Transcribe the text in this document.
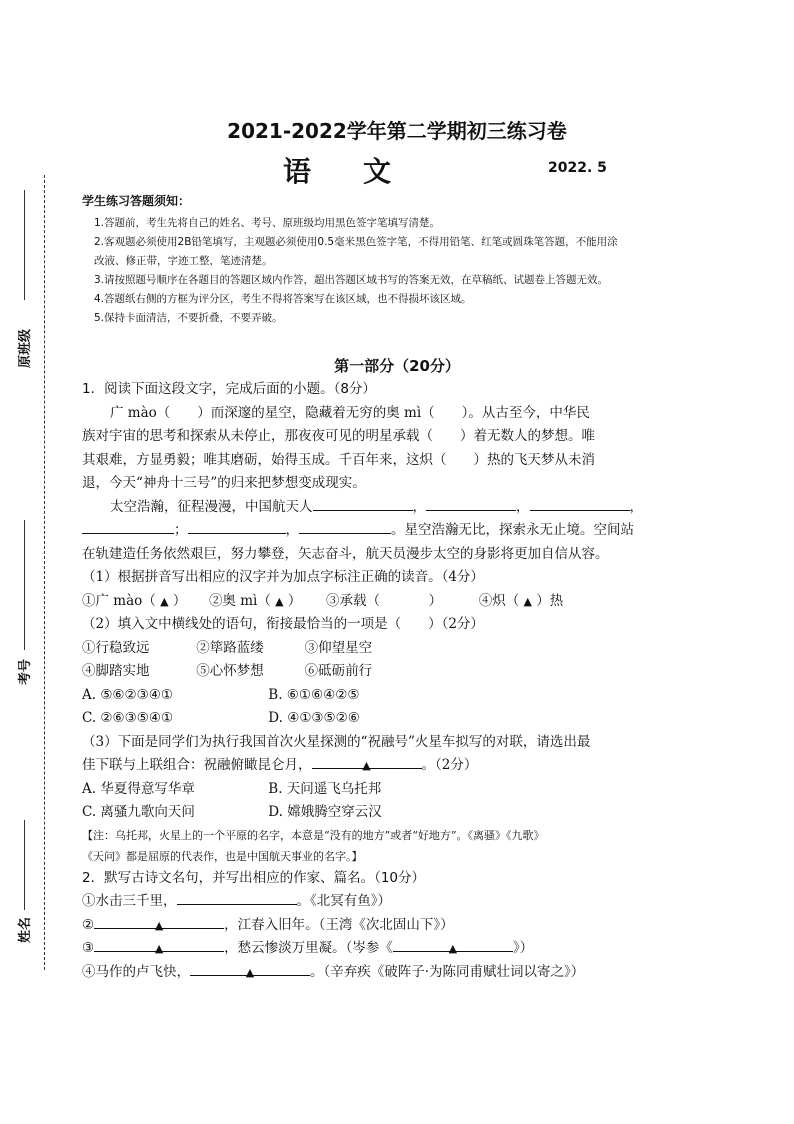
原班级
考号
姓名
2021-2022学年第二学期初三练习卷
语文	2022. 5
学生练习答题须知：
1.答题前，考生先将自己的姓名、考号、原班级均用黑色签字笔填写清楚。
2.客观题必须使用2B铅笔填写，主观题必须使用0.5毫米黑色签字笔，不得用铅笔、红笔或圆珠笔答题，不能用涂
改液、修正带，字迹工整，笔迹清楚。
3.请按照题号顺序在各题目的答题区域内作答，超出答题区域书写的答案无效，在草稿纸、试题卷上答题无效。
4.答题纸右侧的方框为评分区，考生不得将答案写在该区域，也不得损坏该区域。
5.保持卡面清洁，不要折叠，不要弄破。
第一部分（20分）
1．阅读下面这段文字，完成后面的小题。（8分）
广 mào（　　）而深邃的星空，隐藏着无穷的奥 mì（　　）。从古至今，中华民
族对宇宙的思考和探索从未停止，那夜夜可见的明星承载（　　）着无数人的梦想。唯
其艰难，方显勇毅；唯其磨砺，始得玉成。千百年来，这炽（　　）热的飞天梦从未消
退，今天“神舟十三号”的归来把梦想变成现实。
太空浩瀚，征程漫漫，中国航天人	，	，	，
；	，	。星空浩瀚无比，探索永无止境。空间站
在轨建造任务依然艰巨，努力攀登，矢志奋斗，航天员漫步太空的身影将更加自信从容。
（1）根据拼音写出相应的汉字并为加点字标注正确的读音。（4分）
①广 mào（ ▲ ） ②奥 mì（ ▲ ） ③承载（	）	④炽（ ▲ ）热
（2）填入文中横线处的语句，衔接最恰当的一项是（　　）（2分）
①行稳致远	②筚路蓝缕	③仰望星空
④脚踏实地	⑤心怀梦想	⑥砥砺前行
A. ⑤⑥②③④①	B. ⑥①⑥④②⑤
C. ②⑥③⑤④①	D. ④①③⑤②⑥
（3）下面是同学们为执行我国首次火星探测的“祝融号”火星车拟写的对联，请选出最
佳下联与上联组合：祝融俯瞰昆仑月，	▲	。（2分）
A. 华夏得意写华章	B. 天问遥飞乌托邦
C. 离骚九歌向天问	D. 嫦娥腾空穿云汉
【注：乌托邦，火星上的一个平原的名字，本意是“没有的地方”或者“好地方”。《离骚》《九歌》
《天问》都是屈原的代表作，也是中国航天事业的名字。】
2．默写古诗文名句，并写出相应的作家、篇名。（10分）
①水击三千里，	。《北冥有鱼》）
②	▲	，江春入旧年。（王湾《次北固山下》）
③	▲	，愁云惨淡万里凝。（岑参《	▲	》）
④马作的卢飞快，	▲	。（辛弃疾《破阵子·为陈同甫赋壮词以寄之》）
